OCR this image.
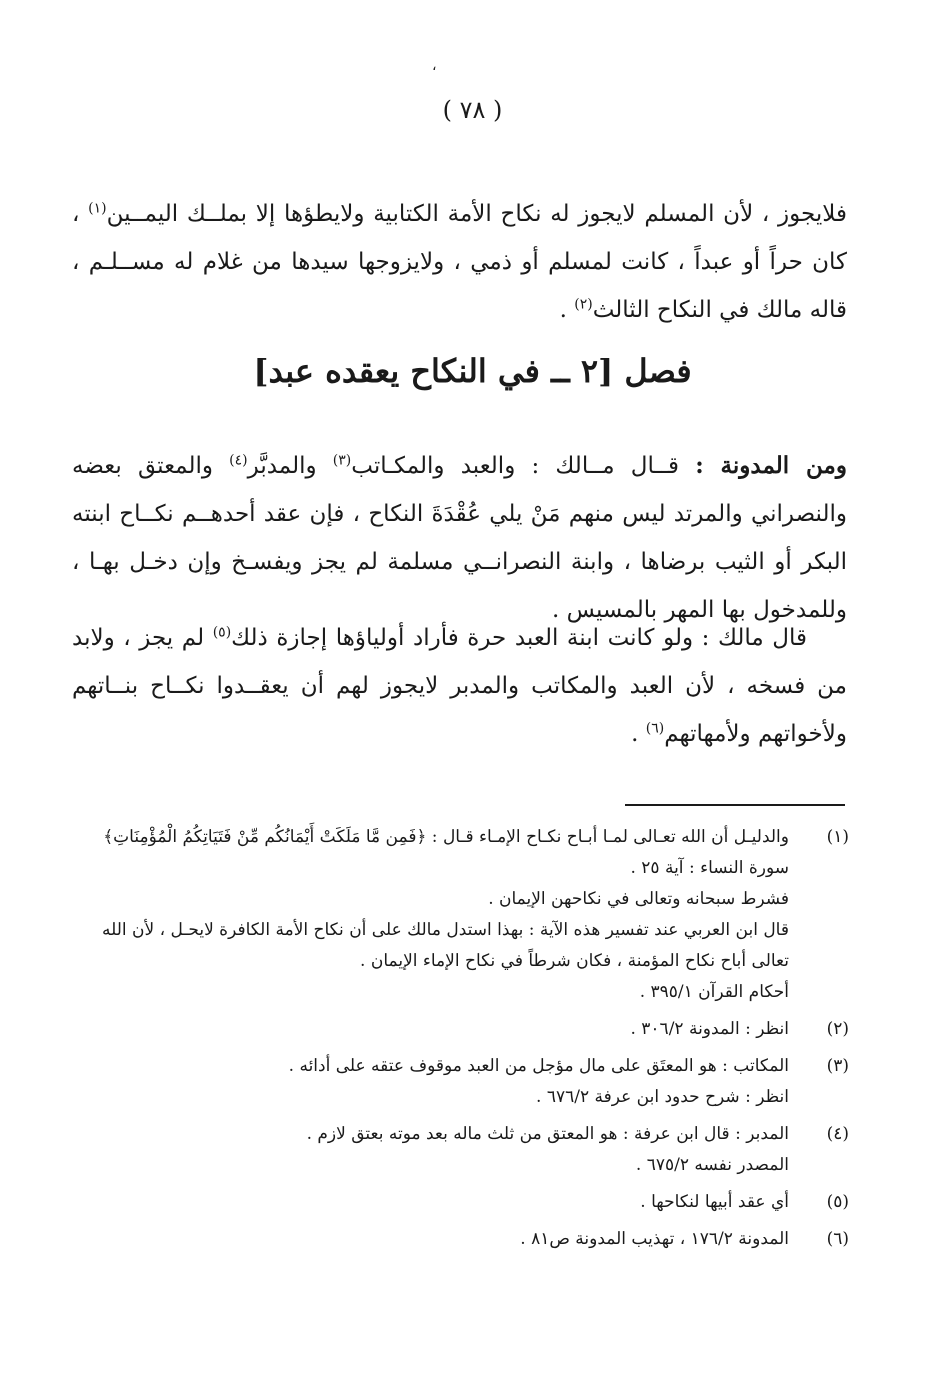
،
( ٧٨ )

فلايجوز ، لأن المسلم لايجوز له نكاح الأمة الكتابية ولايطؤها إلا بملــك اليمــين$^{(١)}$ ، كان حراً أو عبداً ، كانت لمسلم أو ذمي ، ولايزوجها سيدها من غلام له مســلـم ، قاله مالك في النكاح الثالث$^{(٢)}$ .

فصل [٢ ــ في النكاح يعقده عبد]

ومن المدونة : قــال مــالك : والعبد والمكـاتب$^{(٣)}$ والمدبَّر$^{(٤)}$ والمعتق بعضه والنصراني والمرتد ليس منهم مَنْ يلي عُقْدَةَ النكاح ، فإن عقد أحدهــم نكــاح ابنته البكر أو الثيب برضاها ، وابنة النصرانــي مسلمة لم يجز ويفسـخ وإن دخـل بهـا ، وللمدخول بها المهر بالمسيس .

قال مالك : ولو كانت ابنة العبد حرة فأراد أولياؤها إجازة ذلك$^{(٥)}$ لم يجز ، ولابد من فسخه ، لأن العبد والمكاتب والمدبر لايجوز لهم أن يعقــدوا نكــاح بنــاتهم ولأخواتهم ولأمهاتهم$^{(٦)}$ .

(١)
والدليـل أن الله تعـالى لمـا أبـاح نكـاح الإمـاء قـال : ﴿فَمِن مَّا مَلَكَتْ أَيْمَانُكُم مِّنْ فَتَيَاتِكُمُ الْمُؤْمِنَاتِ﴾ سورة النساء : آية ٢٥ .
فشرط سبحانه وتعالى في نكاحهن الإيمان .
قال ابن العربي عند تفسير هذه الآية : بهذا استدل مالك على أن نكاح الأمة الكافرة لايحـل ، لأن الله تعالى أباح نكاح المؤمنة ، فكان شرطاً في نكاح الإماء الإيمان .
أحكام القرآن ٣٩٥/١ .
(٢)
انظر : المدونة ٣٠٦/٢ .
(٣)
المكاتب : هو المعتَق على مال مؤجل من العبد موقوف عتقه على أدائه .
انظر : شرح حدود ابن عرفة ٦٧٦/٢ .
(٤)
المدبر : قال ابن عرفة : هو المعتق من ثلث ماله بعد موته بعتق لازم .
المصدر نفسه ٦٧٥/٢ .
(٥)
أي عقد أبيها لنكاحها .
(٦)
المدونة ١٧٦/٢ ، تهذيب المدونة ص٨١ .
